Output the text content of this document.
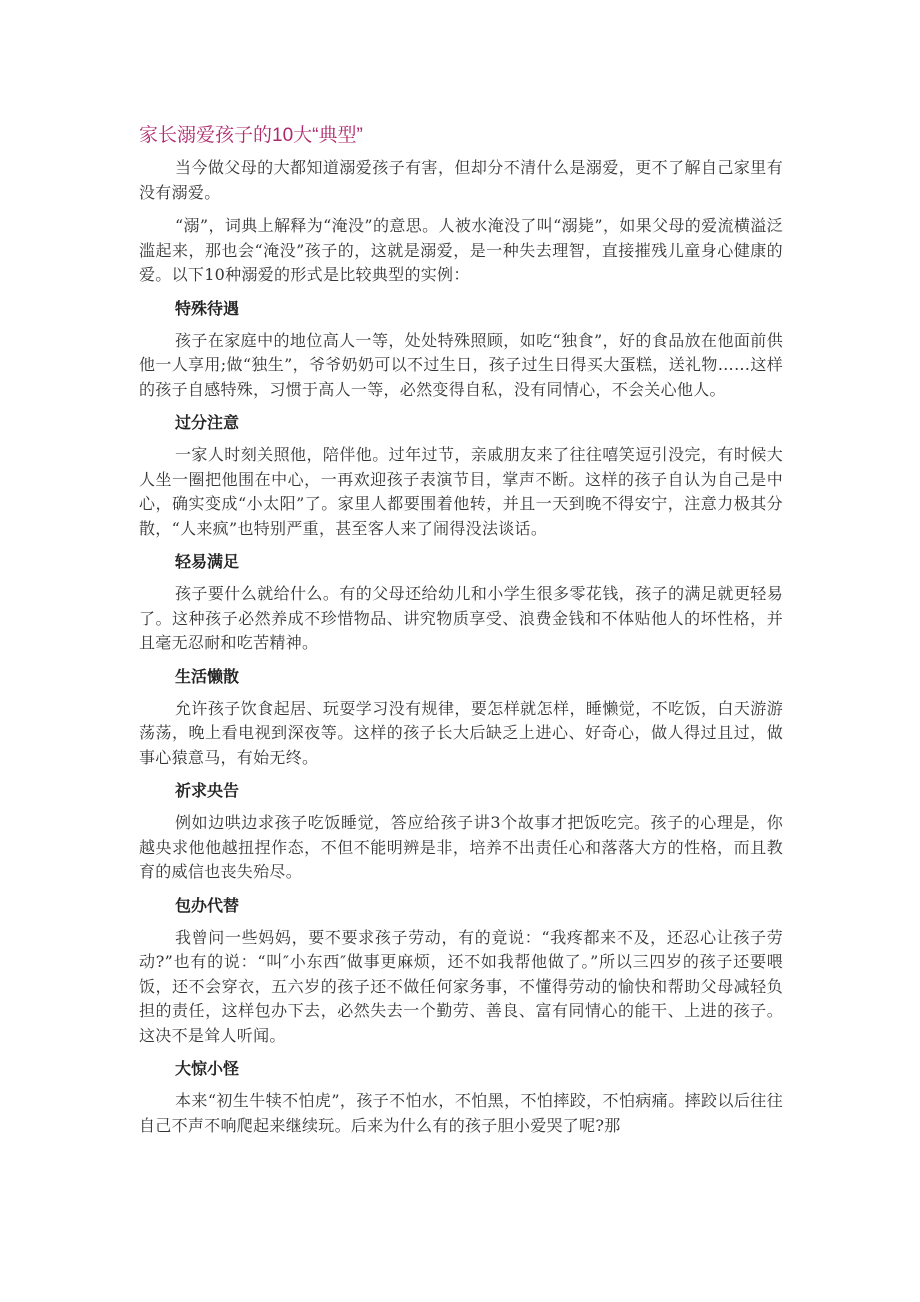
家长溺爱孩子的10大“典型”

当今做父母的大都知道溺爱孩子有害，但却分不清什么是溺爱，更不了解自己家里有没有溺爱。

“溺”，词典上解释为“淹没”的意思。人被水淹没了叫“溺毙”，如果父母的爱流横溢泛滥起来，那也会“淹没”孩子的，这就是溺爱，是一种失去理智，直接摧残儿童身心健康的爱。以下10种溺爱的形式是比较典型的实例：

特殊待遇

孩子在家庭中的地位高人一等，处处特殊照顾，如吃“独食”，好的食品放在他面前供他一人享用;做“独生”，爷爷奶奶可以不过生日，孩子过生日得买大蛋糕，送礼物……这样的孩子自感特殊，习惯于高人一等，必然变得自私，没有同情心，不会关心他人。

过分注意

一家人时刻关照他，陪伴他。过年过节，亲戚朋友来了往往嘻笑逗引没完，有时候大人坐一圈把他围在中心，一再欢迎孩子表演节目，掌声不断。这样的孩子自认为自己是中心，确实变成“小太阳”了。家里人都要围着他转，并且一天到晚不得安宁，注意力极其分散，“人来疯”也特别严重，甚至客人来了闹得没法谈话。

轻易满足

孩子要什么就给什么。有的父母还给幼儿和小学生很多零花钱，孩子的满足就更轻易了。这种孩子必然养成不珍惜物品、讲究物质享受、浪费金钱和不体贴他人的坏性格，并且毫无忍耐和吃苦精神。

生活懒散

允许孩子饮食起居、玩耍学习没有规律，要怎样就怎样，睡懒觉，不吃饭，白天游游荡荡，晚上看电视到深夜等。这样的孩子长大后缺乏上进心、好奇心，做人得过且过，做事心猿意马，有始无终。

祈求央告

例如边哄边求孩子吃饭睡觉，答应给孩子讲3个故事才把饭吃完。孩子的心理是，你越央求他他越扭捏作态，不但不能明辨是非，培养不出责任心和落落大方的性格，而且教育的威信也丧失殆尽。

包办代替

我曾问一些妈妈，要不要求孩子劳动，有的竟说：“我疼都来不及，还忍心让孩子劳动?”也有的说：“叫″小东西″做事更麻烦，还不如我帮他做了。”所以三四岁的孩子还要喂饭，还不会穿衣，五六岁的孩子还不做任何家务事，不懂得劳动的愉快和帮助父母减轻负担的责任，这样包办下去，必然失去一个勤劳、善良、富有同情心的能干、上进的孩子。这决不是耸人听闻。

大惊小怪

本来“初生牛犊不怕虎”，孩子不怕水，不怕黑，不怕摔跤，不怕病痛。摔跤以后往往自己不声不响爬起来继续玩。后来为什么有的孩子胆小爱哭了呢?那
